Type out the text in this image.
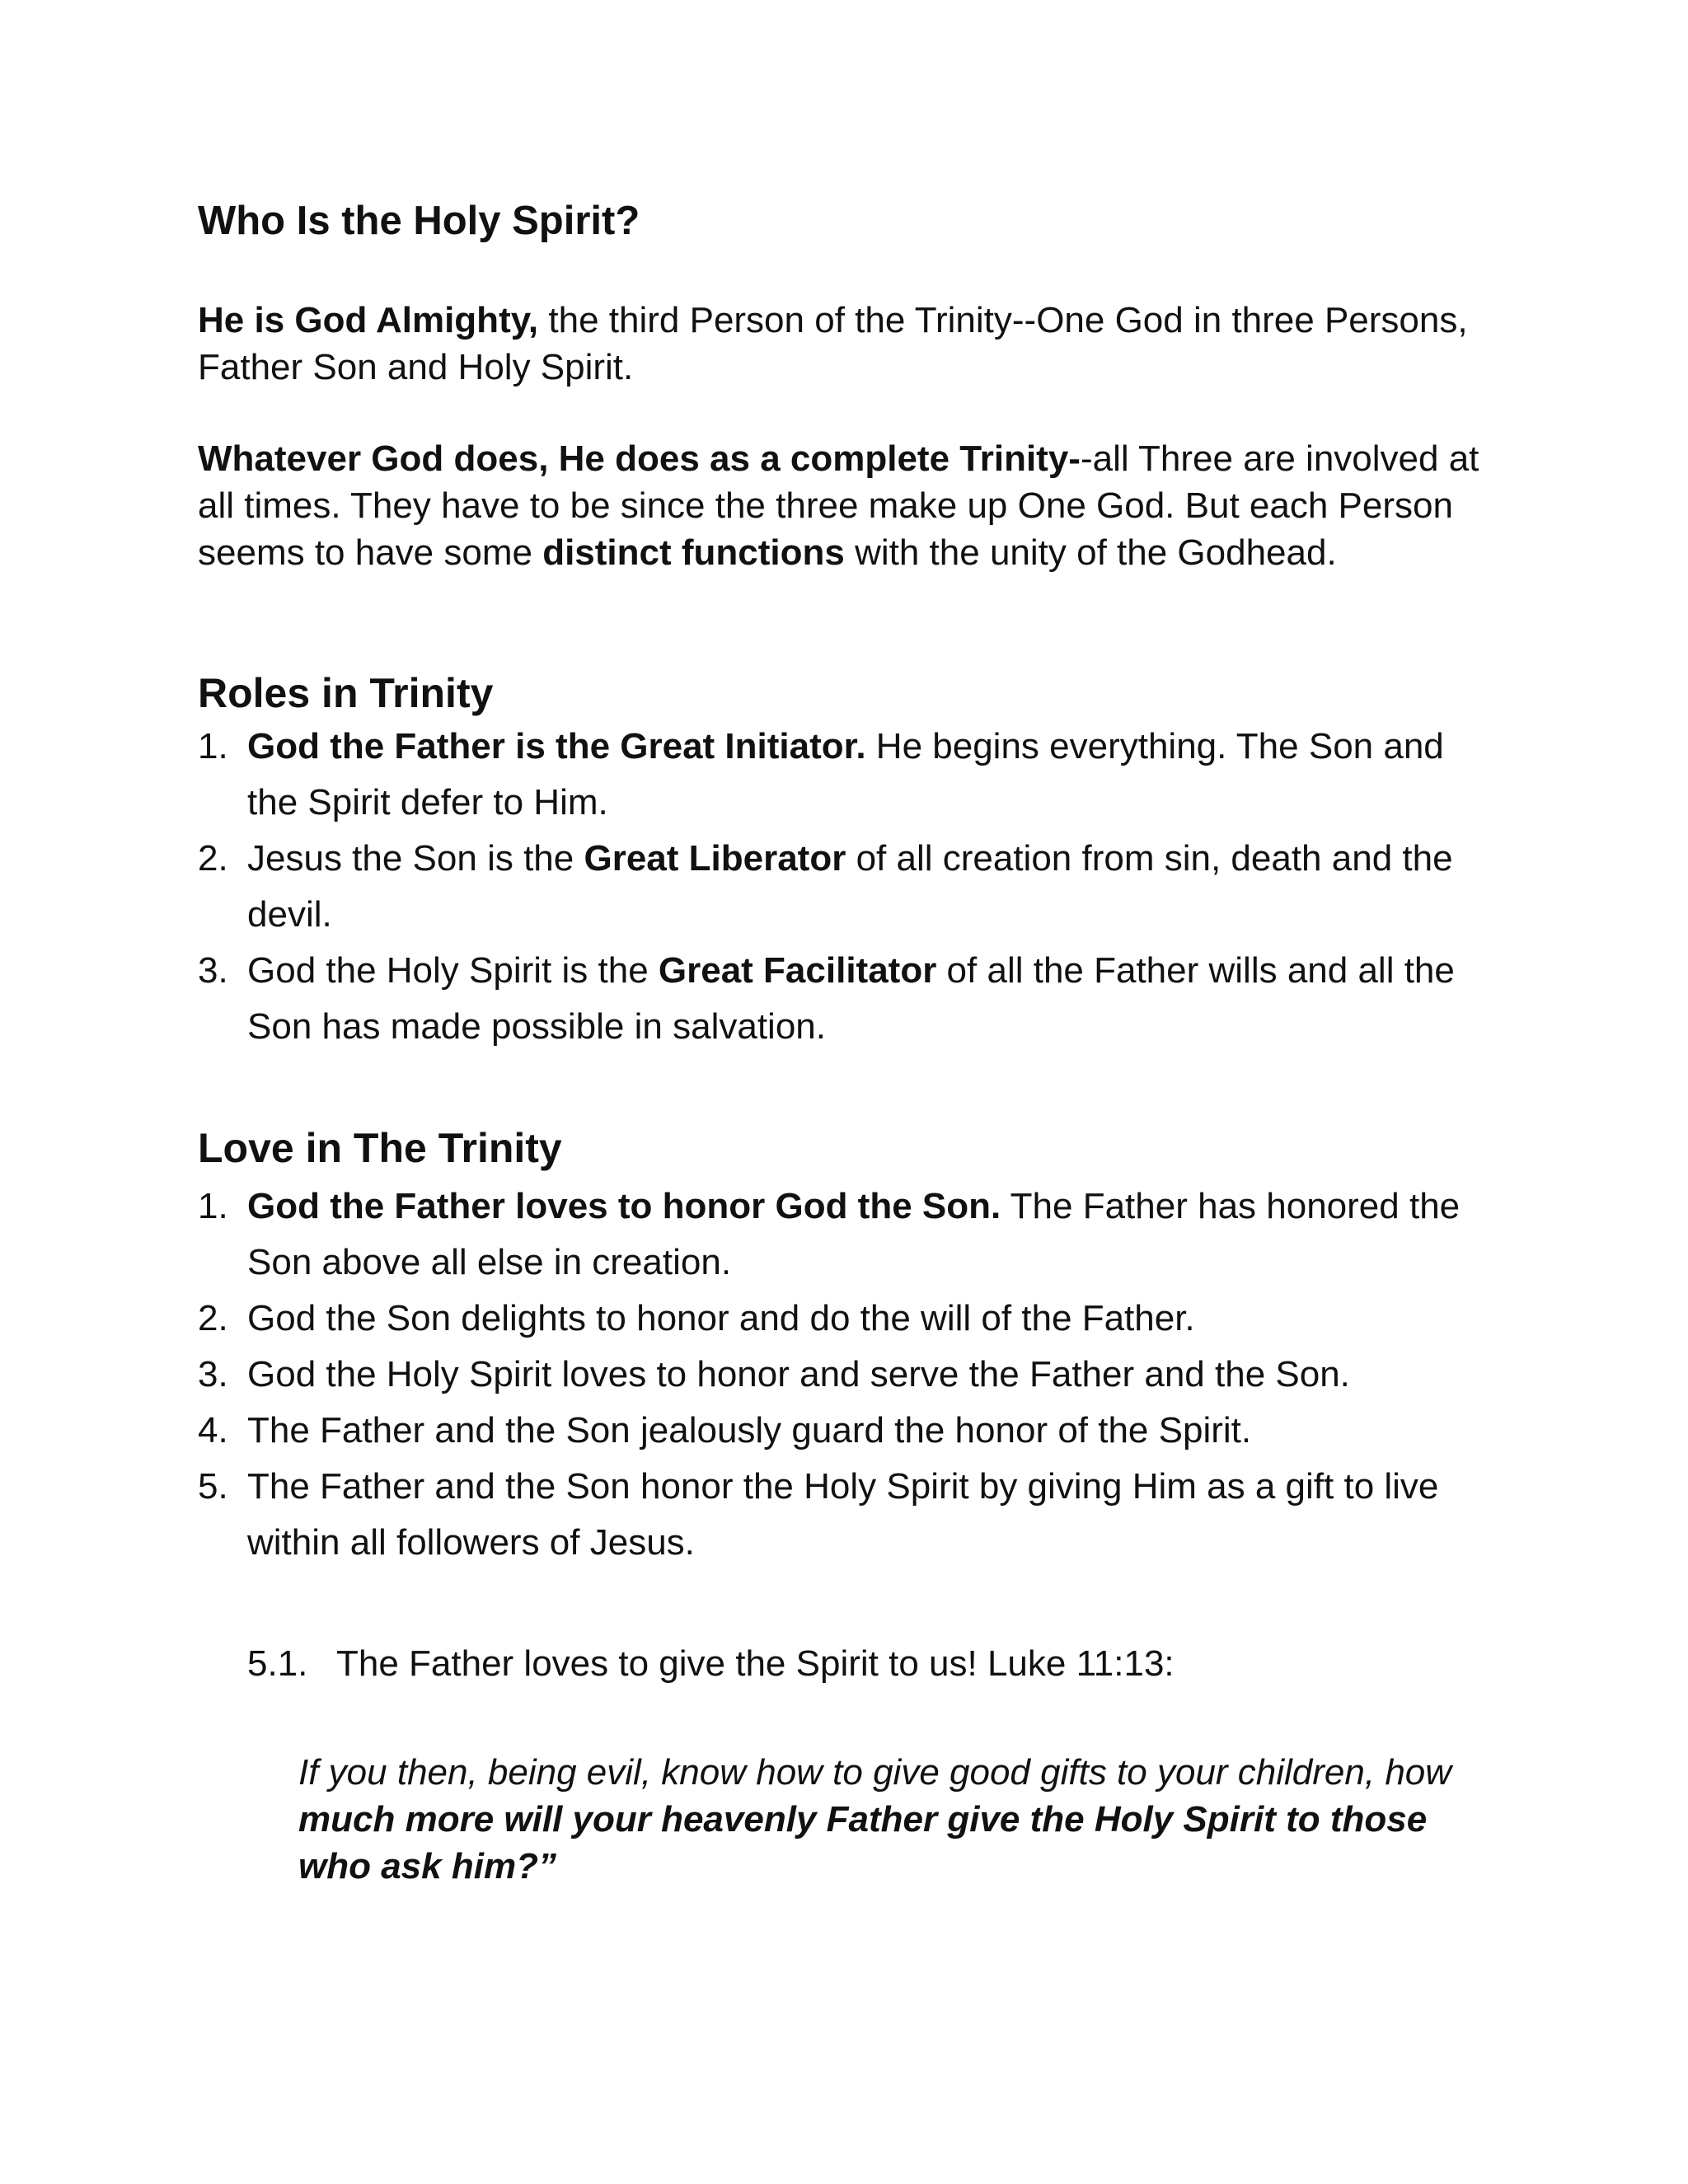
Who Is the Holy Spirit?

He is God Almighty, the third Person of the Trinity--One God in three Persons, Father Son and Holy Spirit.

Whatever God does, He does as a complete Trinity--all Three are involved at all times. They have to be since the three make up One God. But each Person seems to have some distinct functions with the unity of the Godhead.

Roles in Trinity
1. God the Father is the Great Initiator. He begins everything. The Son and the Spirit defer to Him.
2. Jesus the Son is the Great Liberator of all creation from sin, death and the devil.
3. God the Holy Spirit is the Great Facilitator of all the Father wills and all the Son has made possible in salvation.
Love in The Trinity
1. God the Father loves to honor God the Son. The Father has honored the Son above all else in creation.
2. God the Son delights to honor and do the will of the Father.
3. God the Holy Spirit loves to honor and serve the Father and the Son.
4. The Father and the Son jealously guard the honor of the Spirit.
5. The Father and the Son honor the Holy Spirit by giving Him as a gift to live within all followers of Jesus.

5.1. The Father loves to give the Spirit to us! Luke 11:13:

If you then, being evil, know how to give good gifts to your children, how much more will your heavenly Father give the Holy Spirit to those who ask him?”
